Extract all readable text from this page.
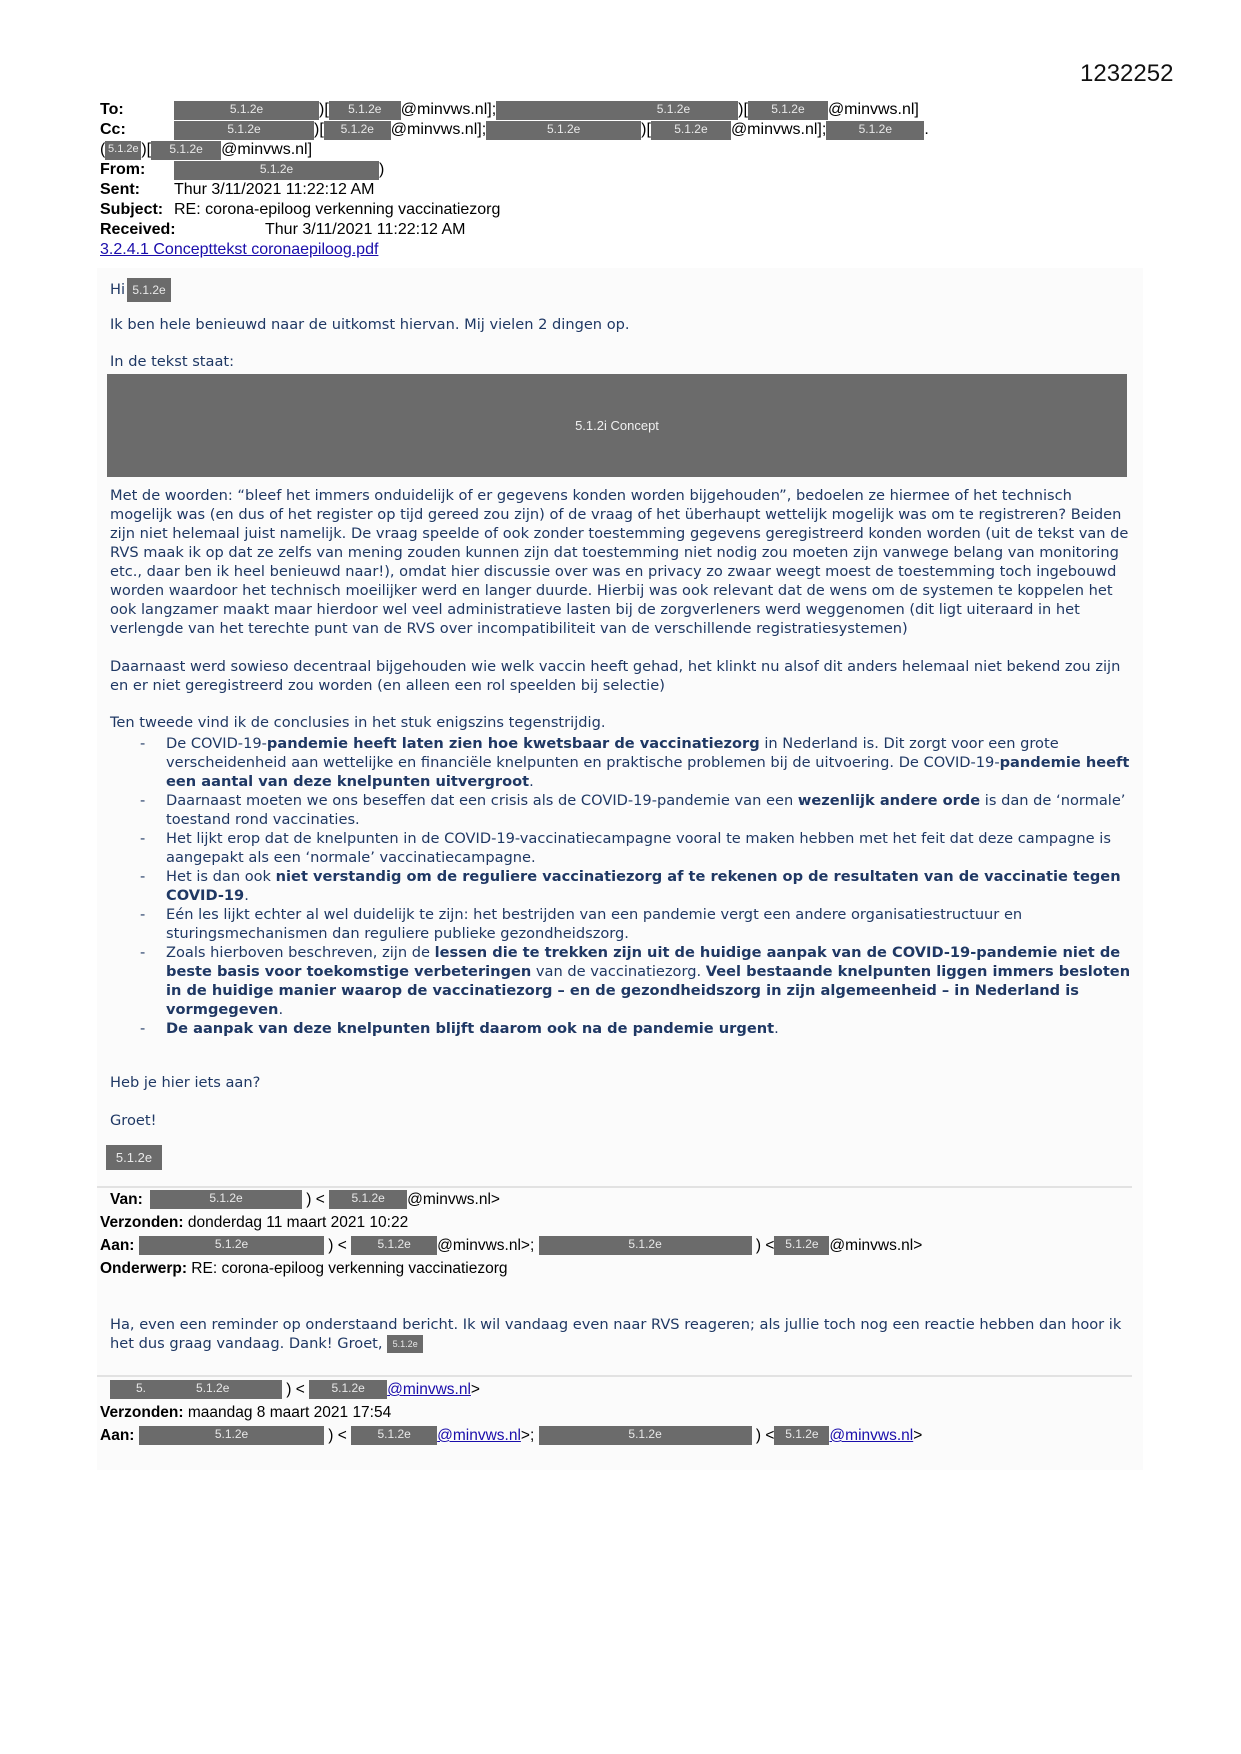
1232252
To:	5.1.2e	)[	5.1.2e	@minvws.nl];	5.1.2e	)[	5.1.2e	@minvws.nl]
Cc:	5.1.2e	)[	5.1.2e	@minvws.nl];	5.1.2e	)[	5.1.2e	@minvws.nl];	5.1.2e	.
( 5.1.2e )[	5.1.2e	@minvws.nl]
From:	5.1.2e	)
Sent:	Thur 3/11/2021 11:22:12 AM
Subject: RE: corona-epiloog verkenning vaccinatiezorg
Received:	Thur 3/11/2021 11:22:12 AM
3.2.4.1 Concepttekst coronaepiloog.pdf
Hi 5.1.2e
Ik ben hele benieuwd naar de uitkomst hiervan. Mij vielen 2 dingen op.
In de tekst staat:
5.1.2i Concept
Met de woorden: “bleef het immers onduidelijk of er gegevens konden worden bijgehouden”, bedoelen ze hiermee of het technisch mogelijk was (en dus of het register op tijd gereed zou zijn) of de vraag of het überhaupt wettelijk mogelijk was om te registreren? Beiden zijn niet helemaal juist namelijk. De vraag speelde of ook zonder toestemming gegevens geregistreerd konden worden (uit de tekst van de RVS maak ik op dat ze zelfs van mening zouden kunnen zijn dat toestemming niet nodig zou moeten zijn vanwege belang van monitoring etc., daar ben ik heel benieuwd naar!), omdat hier discussie over was en privacy zo zwaar weegt moest de toestemming toch ingebouwd worden waardoor het technisch moeilijker werd en langer duurde. Hierbij was ook relevant dat de wens om de systemen te koppelen het ook langzamer maakt maar hierdoor wel veel administratieve lasten bij de zorgverleners werd weggenomen (dit ligt uiteraard in het verlengde van het terechte punt van de RVS over incompatibiliteit van de verschillende registratiesystemen)
Daarnaast werd sowieso decentraal bijgehouden wie welk vaccin heeft gehad, het klinkt nu alsof dit anders helemaal niet bekend zou zijn en er niet geregistreerd zou worden (en alleen een rol speelden bij selectie)
Ten tweede vind ik de conclusies in het stuk enigszins tegenstrijdig.
-	De COVID-19-pandemie heeft laten zien hoe kwetsbaar de vaccinatiezorg in Nederland is. Dit zorgt voor een grote verscheidenheid aan wettelijke en financiële knelpunten en praktische problemen bij de uitvoering. De COVID-19-pandemie heeft een aantal van deze knelpunten uitvergroot.
-	Daarnaast moeten we ons beseffen dat een crisis als de COVID-19-pandemie van een wezenlijk andere orde is dan de ‘normale’ toestand rond vaccinaties.
-	Het lijkt erop dat de knelpunten in de COVID-19-vaccinatiecampagne vooral te maken hebben met het feit dat deze campagne is aangepakt als een ‘normale’ vaccinatiecampagne.
-	Het is dan ook niet verstandig om de reguliere vaccinatiezorg af te rekenen op de resultaten van de vaccinatie tegen COVID-19.
-	Eén les lijkt echter al wel duidelijk te zijn: het bestrijden van een pandemie vergt een andere organisatiestructuur en sturingsmechanismen dan reguliere publieke gezondheidszorg.
-	Zoals hierboven beschreven, zijn de lessen die te trekken zijn uit de huidige aanpak van de COVID-19-pandemie niet de beste basis voor toekomstige verbeteringen van de vaccinatiezorg. Veel bestaande knelpunten liggen immers besloten in de huidige manier waarop de vaccinatiezorg – en de gezondheidszorg in zijn algemeenheid – in Nederland is vormgegeven.
-	De aanpak van deze knelpunten blijft daarom ook na de pandemie urgent.
Heb je hier iets aan?
Groet!
5.1.2e
Van:	5.1.2e	) <	5.1.2e	@minvws.nl>
Verzonden:
donderdag 11 maart 2021 10:22
Aan:	5.1.2e	) <	5.1.2e	@minvws.nl>;
	5.1.2e	) < 5.1.2e @minvws.nl>
Onderwerp:
RE: corona-epiloog verkenning vaccinatiezorg
Ha, even een reminder op onderstaand bericht. Ik wil vandaag even naar RVS reageren; als jullie toch nog een reactie hebben dan hoor ik het dus graag vandaag. Dank! Groet, 5.1.2e
5.	5.1.2e	) <	5.1.2e	@minvws.nl >
Verzonden:
maandag 8 maart 2021 17:54
Aan:	5.1.2e	) <	5.1.2e	@minvws.nl >;	5.1.2e	) < 5.1.2e @minvws.nl >
